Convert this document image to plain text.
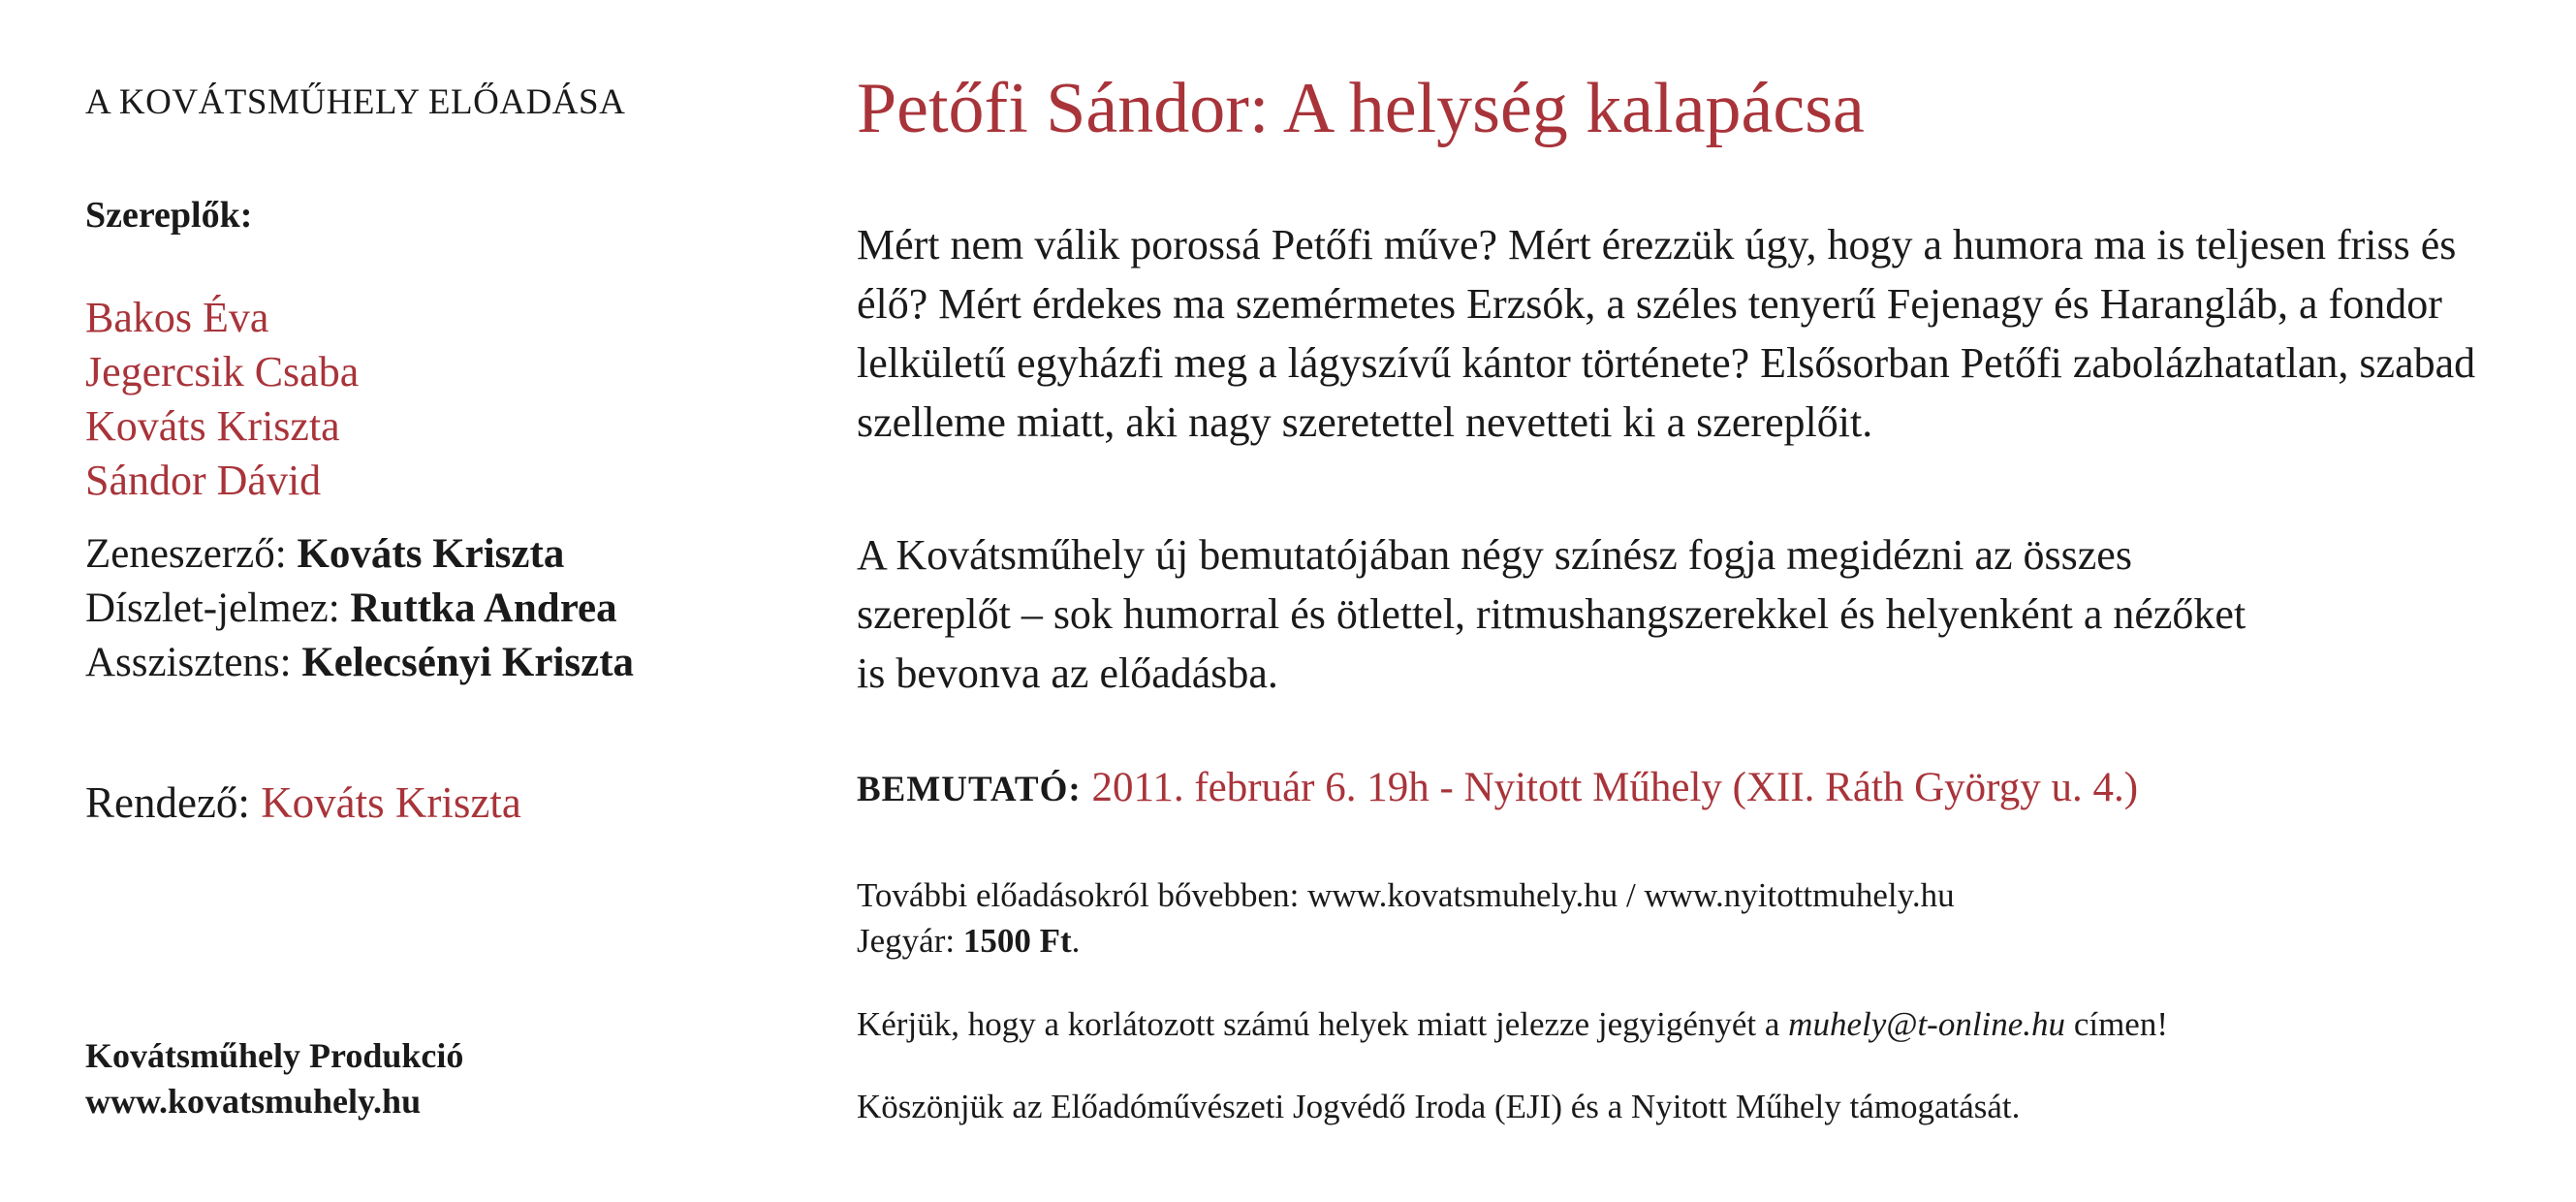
A KOVÁTSMŰHELY ELŐADÁSA
Szereplők:
Bakos Éva
Jegercsik Csaba
Kováts Kriszta
Sándor Dávid
Zeneszerző: Kováts Kriszta
Díszlet-jelmez: Ruttka Andrea
Asszisztens: Kelecsényi Kriszta
Rendező: Kováts Kriszta
Kovátsműhely Produkció
www.kovatsmuhely.hu
Petőfi Sándor: A helység kalapácsa

Mért nem válik porossá Petőfi műve? Mért érezzük úgy, hogy a humora ma is teljesen friss és élő? Mért érdekes ma szemérmetes Erzsók, a széles tenyerű Fejenagy és Harangláb, a fondor lelkületű egyházfi meg a lágyszívű kántor története? Elsősorban Petőfi zabolázhatatlan, szabad szelleme miatt, aki nagy szeretettel nevetteti ki a szereplőit.

A Kovátsműhely új bemutatójában négy színész fogja megidézni az összes szereplőt – sok humorral és ötlettel, ritmushangszerekkel és helyenként a nézőket is bevonva az előadásba.

BEMUTATÓ: 2011. február 6. 19h - Nyitott Műhely (XII. Ráth György u. 4.)
További előadásokról bővebben: www.kovatsmuhely.hu / www.nyitottmuhely.hu
Jegyár: 1500 Ft.
Kérjük, hogy a korlátozott számú helyek miatt jelezze jegyigényét a muhely@t-online.hu címen!
Köszönjük az Előadóművészeti Jogvédő Iroda (EJI) és a Nyitott Műhely támogatását.
